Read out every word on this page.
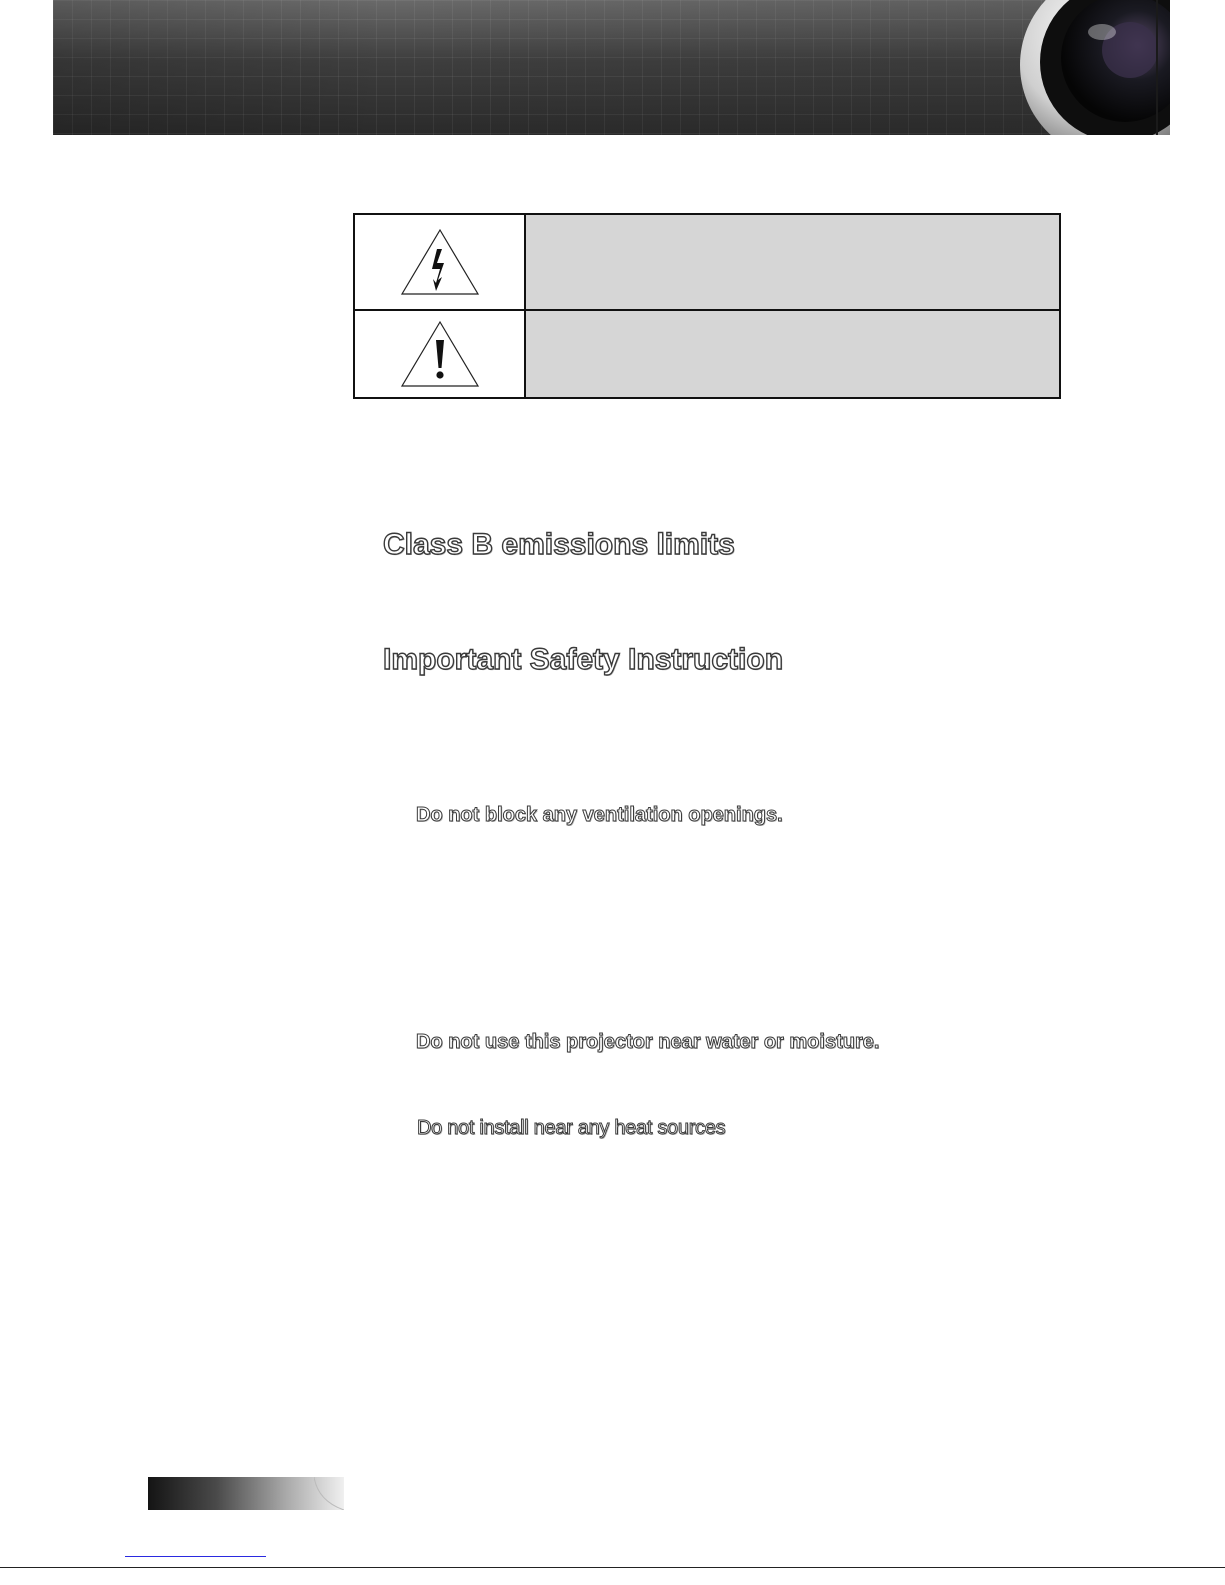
Class B emissions limits
Important Safety Instruction
Do not block any ventilation openings.
Do not use this projector near water or moisture.
Do not install near any heat sources
